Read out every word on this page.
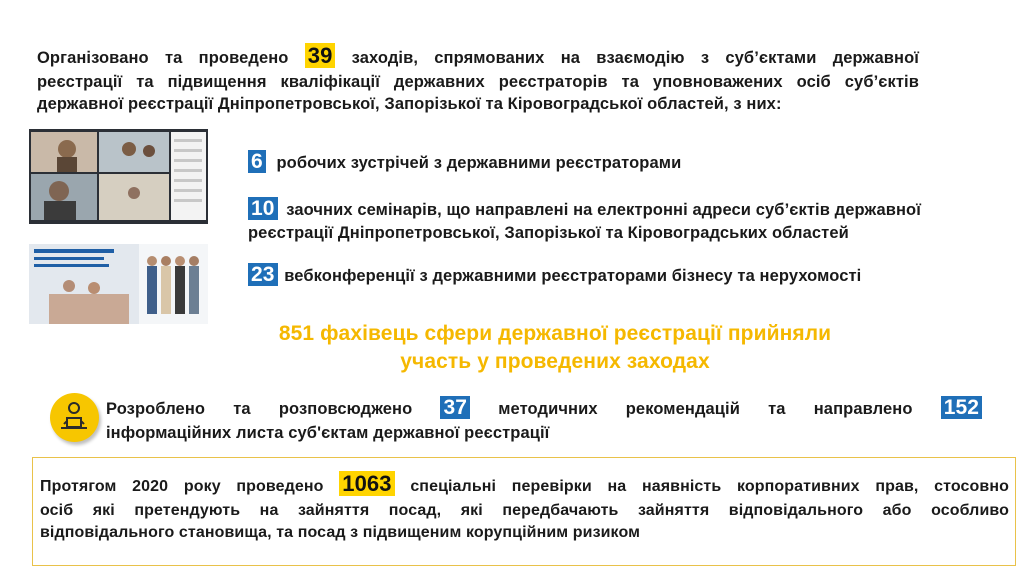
Організовано та проведено 39 заходів, спрямованих на взаємодію з суб’єктами державної
реєстрації та підвищення кваліфікації державних реєстраторів та уповноважених осіб суб’єктів
державної реєстрації Дніпропетровської, Запорізької та Кіровоградської областей, з них:
6 робочих зустрічей з державними реєстраторами
10 заочних семінарів, що направлені на електронні адреси суб’єктів державної
реєстрації Дніпропетровської, Запорізької та Кіровоградських областей
23 вебконференції з державними реєстраторами бізнесу та нерухомості
851 фахівець сфери державної реєстрації прийняли
участь у проведених заходах
Розроблено та розповсюджено 37 методичних рекомендацій та направлено 152
інформаційних листа суб'єктам державної реєстрації
Протягом 2020 року проведено 1063 спеціальні перевірки на наявність корпоративних прав, стосовно
осіб які претендують на зайняття посад, які передбачають зайняття відповідального або особливо
відповідального становища, та посад з підвищеним корупційним ризиком
